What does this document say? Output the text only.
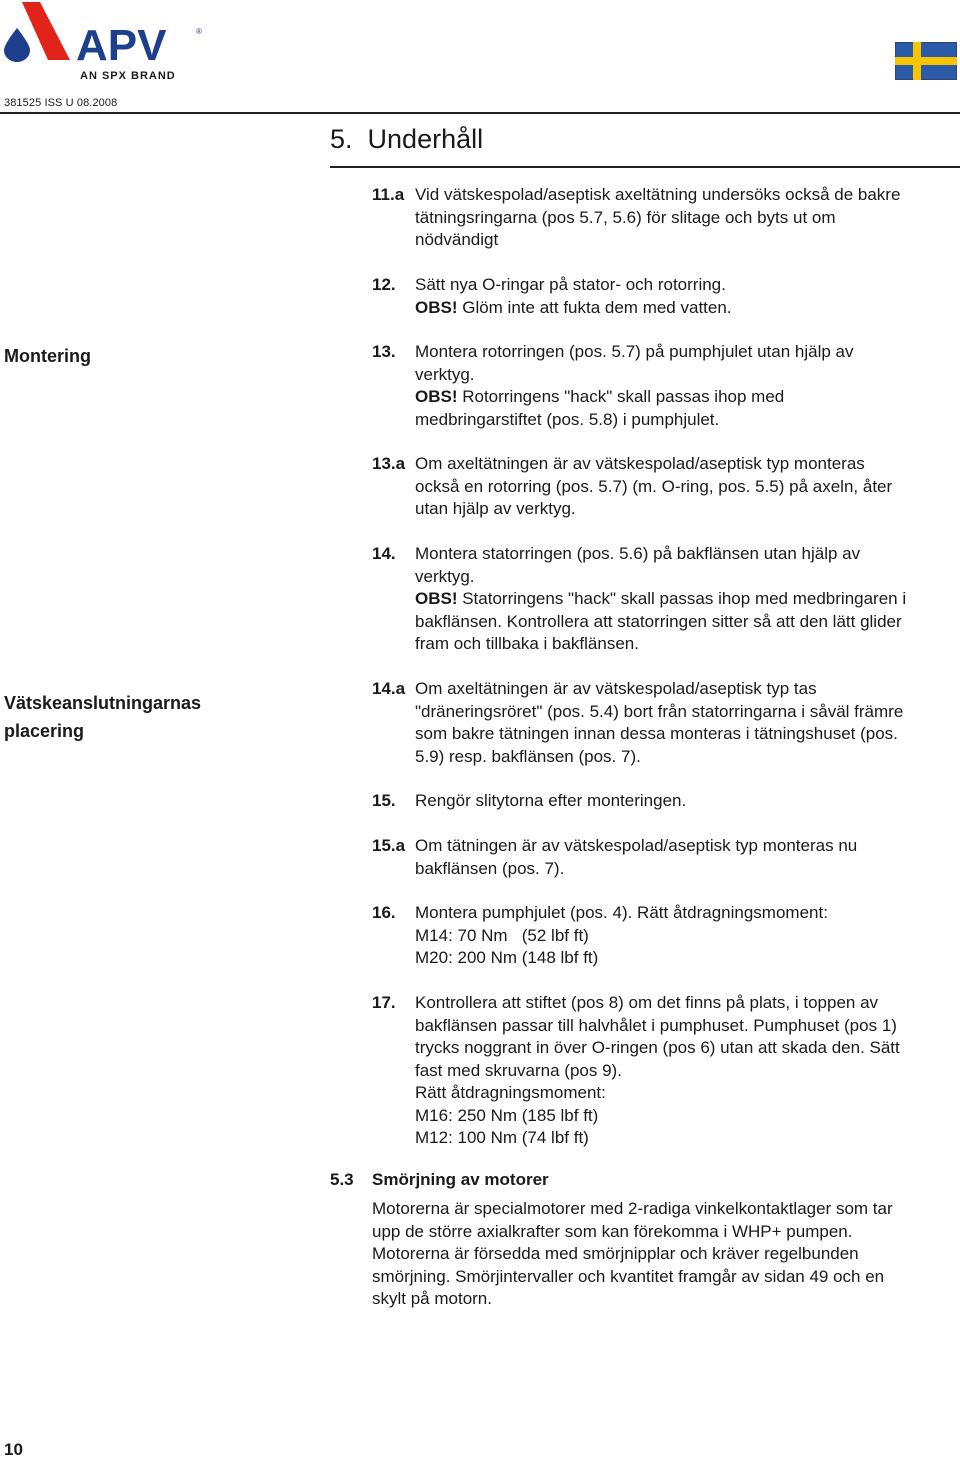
APV	®
AN SPX BRAND
381525 ISS U 08.2008
5. Underhåll
Montering
Vätskeanslutningarnas
placering
11.a Vid vätskespolad/aseptisk axeltätning undersöks också de bakre
tätningsringarna (pos 5.7, 5.6) för slitage och byts ut om
nödvändigt
12. Sätt nya O-ringar på stator- och rotorring.
OBS! Glöm inte att fukta dem med vatten.
13. Montera rotorringen (pos. 5.7) på pumphjulet utan hjälp av
verktyg.
OBS! Rotorringens "hack" skall passas ihop med
medbringarstiftet (pos. 5.8) i pumphjulet.
13.a Om axeltätningen är av vätskespolad/aseptisk typ monteras
också en rotorring (pos. 5.7) (m. O-ring, pos. 5.5) på axeln, åter
utan hjälp av verktyg.
14. Montera statorringen (pos. 5.6) på bakflänsen utan hjälp av
verktyg.
OBS! Statorringens "hack" skall passas ihop med medbringaren i
bakflänsen. Kontrollera att statorringen sitter så att den lätt glider
fram och tillbaka i bakflänsen.
14.a Om axeltätningen är av vätskespolad/aseptisk typ tas
"dräneringsröret" (pos. 5.4) bort från statorringarna i såväl främre
som bakre tätningen innan dessa monteras i tätningshuset (pos.
5.9) resp. bakflänsen (pos. 7).
15. Rengör slitytorna efter monteringen.
15.a Om tätningen är av vätskespolad/aseptisk typ monteras nu
bakflänsen (pos. 7).
16. Montera pumphjulet (pos. 4). Rätt åtdragningsmoment:
M14: 70 Nm   (52 lbf ft)
M20: 200 Nm (148 lbf ft)
17. Kontrollera att stiftet (pos 8) om det finns på plats, i toppen av
bakflänsen passar till halvhålet i pumphuset. Pumphuset (pos 1)
trycks noggrant in över O-ringen (pos 6) utan att skada den. Sätt
fast med skruvarna (pos 9).
Rätt åtdragningsmoment:
M16: 250 Nm (185 lbf ft)
M12: 100 Nm (74 lbf ft)
5.3 Smörjning av motorer
Motorerna är specialmotorer med 2-radiga vinkelkontaktlager som tar
upp de större axialkrafter som kan förekomma i WHP+ pumpen.
Motorerna är försedda med smörjnipplar och kräver regelbunden
smörjning. Smörjintervaller och kvantitet framgår av sidan 49 och en
skylt på motorn.
10
